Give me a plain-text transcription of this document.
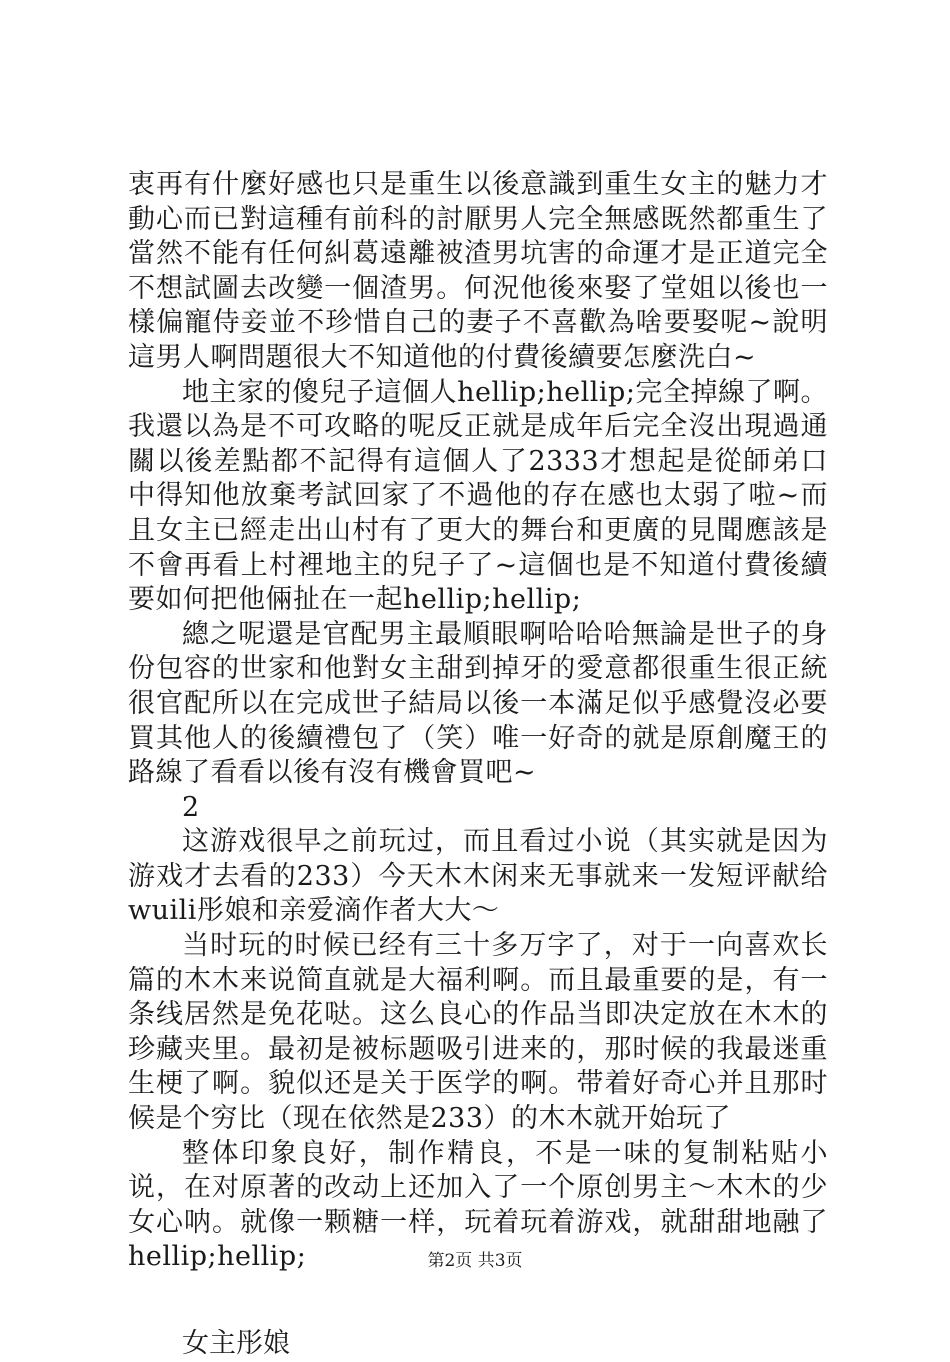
衷再有什麼好感也只是重生以後意識到重生女主的魅力才動心而已對這種有前科的討厭男人完全無感既然都重生了當然不能有任何糾葛遠離被渣男坑害的命運才是正道完全不想試圖去改變一個渣男。何況他後來娶了堂姐以後也一樣偏寵侍妾並不珍惜自己的妻子不喜歡為啥要娶呢~說明這男人啊問題很大不知道他的付費後續要怎麼洗白~

地主家的傻兒子這個人hellip;hellip;完全掉線了啊。我還以為是不可攻略的呢反正就是成年后完全沒出現過通關以後差點都不記得有這個人了2333才想起是從師弟口中得知他放棄考試回家了不過他的存在感也太弱了啦~而且女主已經走出山村有了更大的舞台和更廣的見聞應該是不會再看上村裡地主的兒子了~這個也是不知道付費後續要如何把他倆扯在一起hellip;hellip;

總之呢還是官配男主最順眼啊哈哈哈無論是世子的身份包容的世家和他對女主甜到掉牙的愛意都很重生很正統很官配所以在完成世子結局以後一本滿足似乎感覺沒必要買其他人的後續禮包了（笑）唯一好奇的就是原創魔王的路線了看看以後有沒有機會買吧~

2

这游戏很早之前玩过，而且看过小说（其实就是因为游戏才去看的233）今天木木闲来无事就来一发短评献给wuili彤娘和亲爱滴作者大大～

当时玩的时候已经有三十多万字了，对于一向喜欢长篇的木木来说简直就是大福利啊。而且最重要的是，有一条线居然是免花哒。这么良心的作品当即决定放在木木的珍藏夹里。最初是被标题吸引进来的，那时候的我最迷重生梗了啊。貌似还是关于医学的啊。带着好奇心并且那时候是个穷比（现在依然是233）的木木就开始玩了

整体印象良好，制作精良，不是一味的复制粘贴小说，在对原著的改动上还加入了一个原创男主～木木的少女心呐。就像一颗糖一样，玩着玩着游戏，就甜甜地融了hellip;hellip;

女主彤娘

第2页 共3页
